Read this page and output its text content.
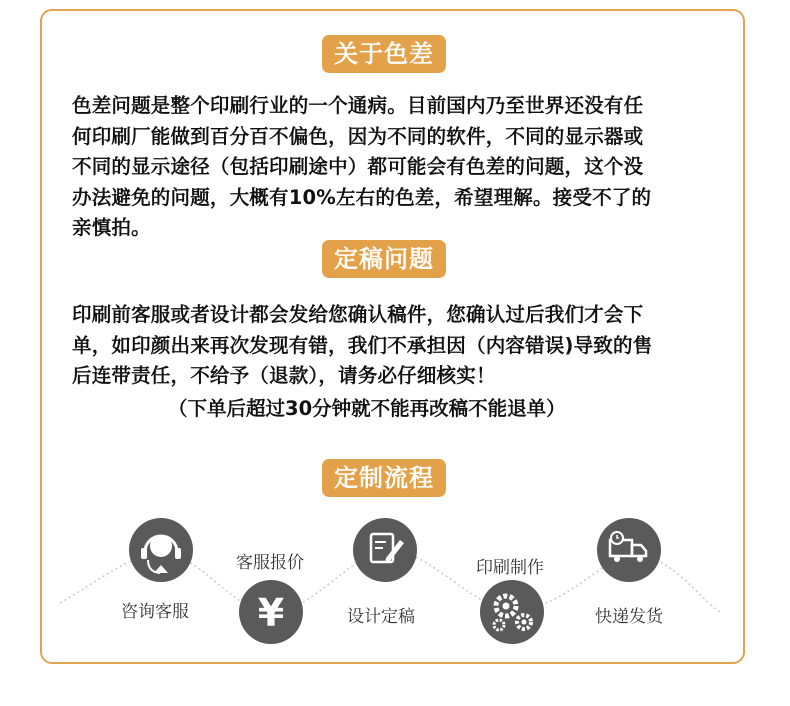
关于色差
色差问题是整个印刷行业的一个通病。目前国内乃至世界还没有任
何印刷厂能做到百分百不偏色，因为不同的软件，不同的显示器或
不同的显示途径（包括印刷途中）都可能会有色差的问题，这个没
办法避免的问题，大概有10%左右的色差，希望理解。接受不了的
亲慎拍。
定稿问题
印刷前客服或者设计都会发给您确认稿件，您确认过后我们才会下
单，如印颜出来再次发现有错，我们不承担因（内容错误)导致的售
后连带责任，不给予（退款），请务必仔细核实！
（下单后超过30分钟就不能再改稿不能退单）
定制流程
¥
咨询客服
客服报价
设计定稿
印刷制作
快递发货
